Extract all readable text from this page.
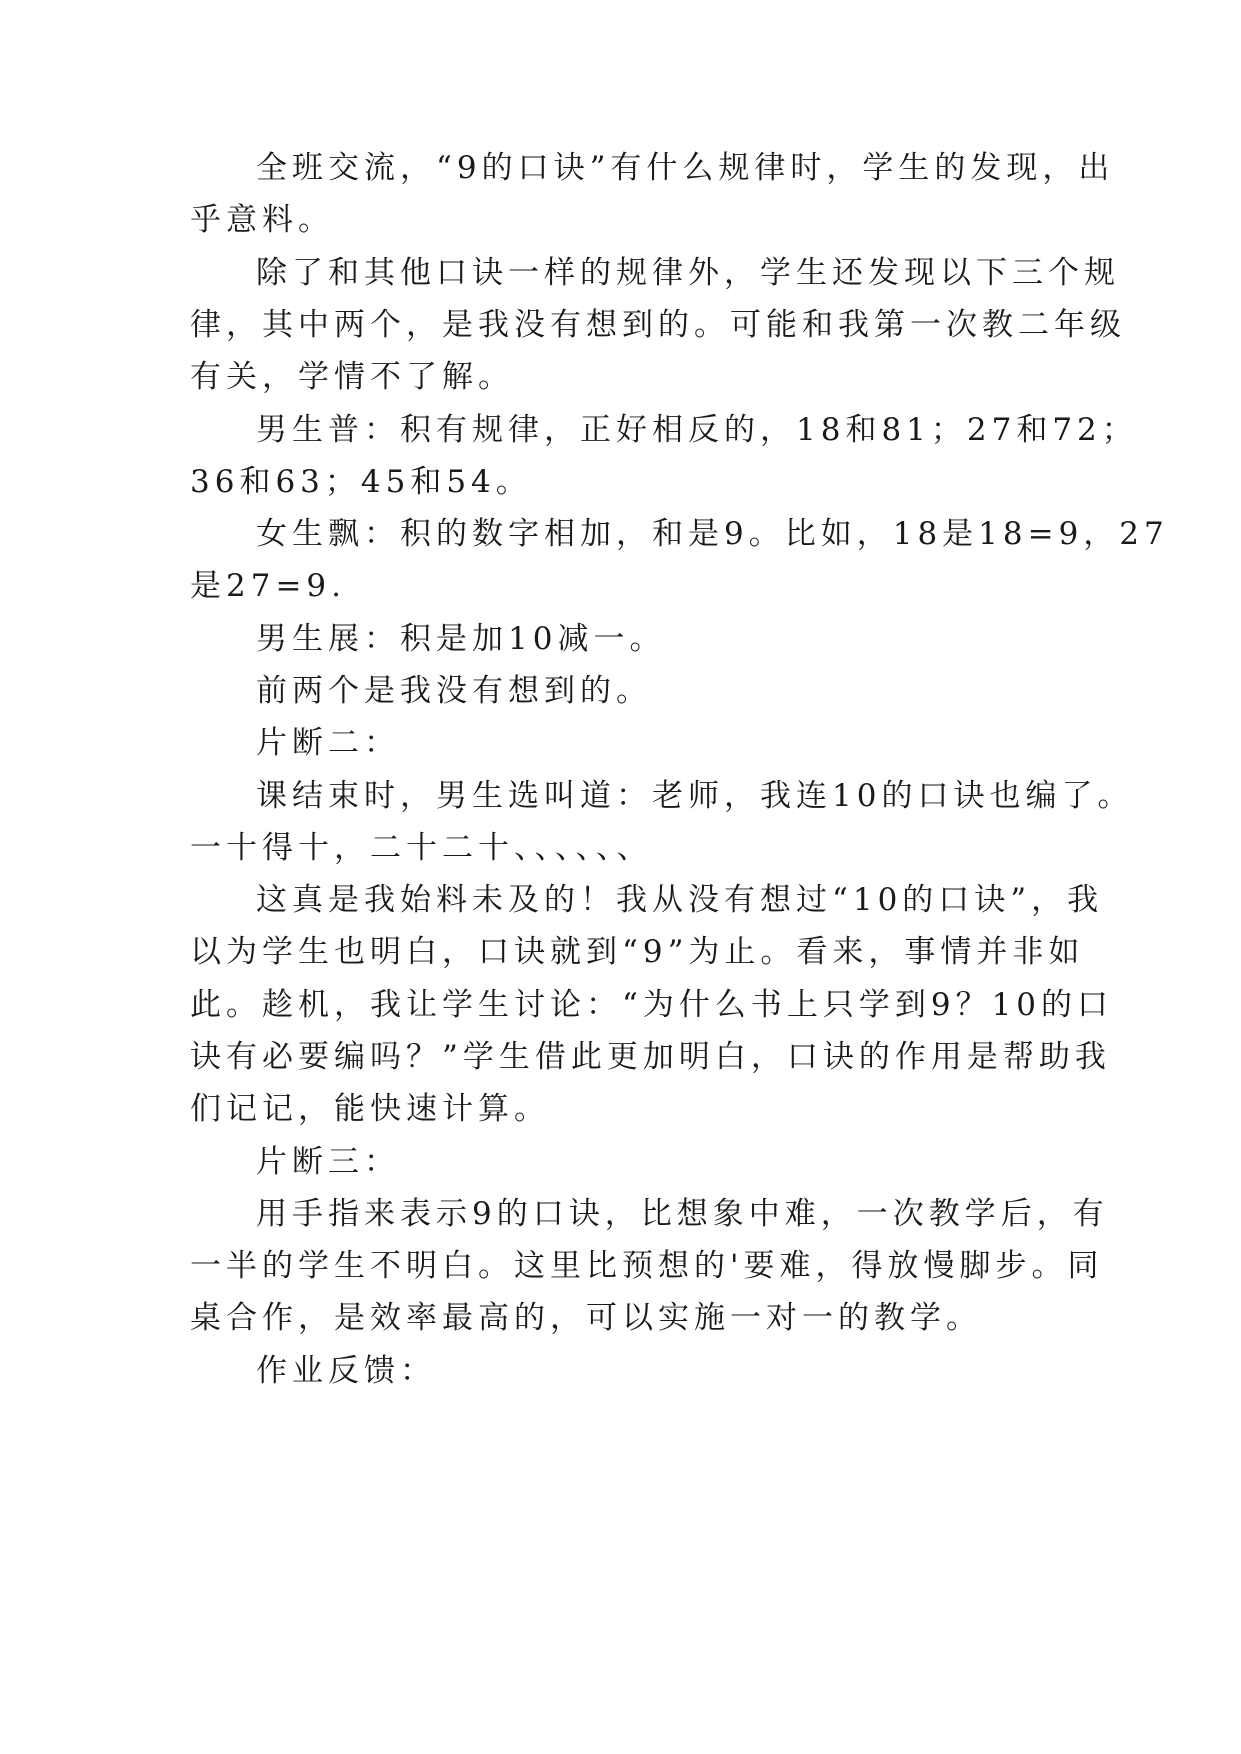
全班交流，“9的口诀”有什么规律时，学生的发现，出
乎意料。
除了和其他口诀一样的规律外，学生还发现以下三个规
律，其中两个，是我没有想到的。可能和我第一次教二年级
有关，学情不了解。
男生普：积有规律，正好相反的，18和81；27和72；
36和63；45和54。
女生飘：积的数字相加，和是9。比如，18是18=9，27
是27=9.
男生展：积是加10减一。
前两个是我没有想到的。
片断二：
课结束时，男生选叫道：老师，我连10的口诀也编了。
一十得十，二十二十、、、、、、
这真是我始料未及的！我从没有想过“10的口诀”，我
以为学生也明白，口诀就到“9”为止。看来，事情并非如
此。趁机，我让学生讨论：“为什么书上只学到9？10的口
诀有必要编吗？”学生借此更加明白，口诀的作用是帮助我
们记记，能快速计算。
片断三：
用手指来表示9的口诀，比想象中难，一次教学后，有
一半的学生不明白。这里比预想的'要难，得放慢脚步。同
桌合作，是效率最高的，可以实施一对一的教学。
作业反馈：
